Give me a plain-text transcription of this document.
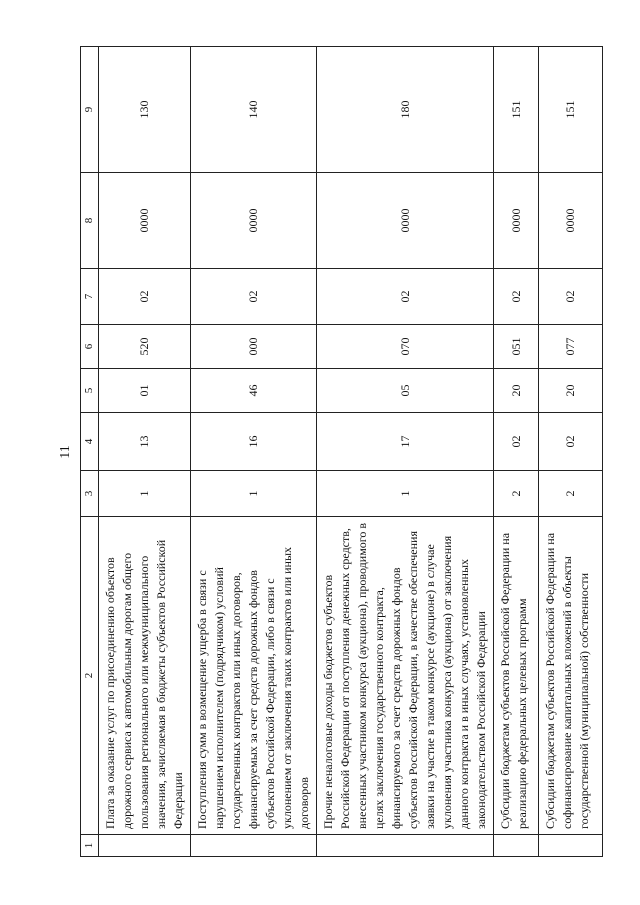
11
1	2	3	4	5	6	7	8	9
	Плата за оказание услуг по присоединению объектов дорожного сервиса к автомобильным дорогам общего пользования регионального или межмуниципального значения, зачисляемая в бюджеты субъектов Российской Федерации	1	13	01	520	02	0000	130
	Поступления сумм в возмещение ущерба в связи с нарушением исполнителем (подрядчиком) условий государственных контрактов или иных договоров, финансируемых за счет средств дорожных фондов субъектов Российской Федерации, либо в связи с уклонением от заключения таких контрактов или иных договоров	1	16	46	000	02	0000	140
	Прочие неналоговые доходы бюджетов субъектов Российской Федерации от поступления денежных средств, внесенных участником конкурса (аукциона), проводимого в целях заключения государственного контракта, финансируемого за счет средств дорожных фондов субъектов Российской Федерации, в качестве обеспечения заявки на участие в таком конкурсе (аукционе) в случае уклонения участника конкурса (аукциона) от заключения данного контракта и в иных случаях, установленных законодательством Российской Федерации	1	17	05	070	02	0000	180
	Субсидии бюджетам субъектов Российской Федерации на реализацию федеральных целевых программ	2	02	20	051	02	0000	151
	Субсидии бюджетам субъектов Российской Федерации на софинансирование капитальных вложений в объекты государственной (муниципальной) собственности	2	02	20	077	02	0000	151
